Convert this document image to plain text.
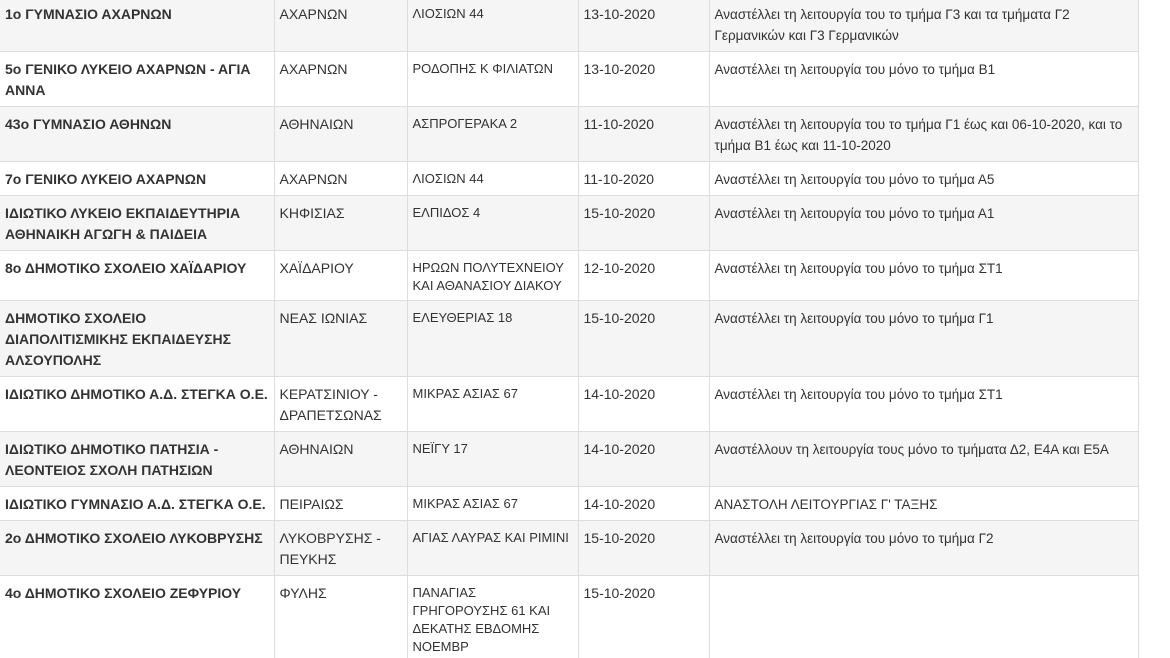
1ο ΓΥΜΝΑΣΙΟ ΑΧΑΡΝΩΝ	ΑΧΑΡΝΩΝ	ΛΙΟΣΙΩΝ 44	13-10-2020	Αναστέλλει τη λειτουργία του το τμήμα Γ3 και τα τμήματα Γ2 Γερμανικών και Γ3 Γερμανικών
5ο ΓΕΝΙΚΟ ΛΥΚΕΙΟ ΑΧΑΡΝΩΝ - ΑΓΙΑ ΑΝΝΑ	ΑΧΑΡΝΩΝ	ΡΟΔΟΠΗΣ Κ ΦΙΛΙΑΤΩΝ	13-10-2020	Αναστέλλει τη λειτουργία του μόνο το τμήμα Β1
43ο ΓΥΜΝΑΣΙΟ ΑΘΗΝΩΝ	ΑΘΗΝΑΙΩΝ	ΑΣΠΡΟΓΕΡΑΚΑ 2	11-10-2020	Αναστέλλει τη λειτουργία του το τμήμα Γ1 έως και 06-10-2020, και το τμήμα Β1 έως και 11-10-2020
7ο ΓΕΝΙΚΟ ΛΥΚΕΙΟ ΑΧΑΡΝΩΝ	ΑΧΑΡΝΩΝ	ΛΙΟΣΙΩΝ 44	11-10-2020	Αναστέλλει τη λειτουργία του μόνο το τμήμα Α5
ΙΔΙΩΤΙΚΟ ΛΥΚΕΙΟ ΕΚΠΑΙΔΕΥΤΗΡΙΑ ΑΘΗΝΑΙΚΗ ΑΓΩΓΗ & ΠΑΙΔΕΙΑ	ΚΗΦΙΣΙΑΣ	ΕΛΠΙΔΟΣ 4	15-10-2020	Αναστέλλει τη λειτουργία του μόνο το τμήμα Α1
8ο ΔΗΜΟΤΙΚΟ ΣΧΟΛΕΙΟ ΧΑΪΔΑΡΙΟΥ	ΧΑΪΔΑΡΙΟΥ	ΗΡΩΩΝ ΠΟΛΥΤΕΧΝΕΙΟΥ ΚΑΙ ΑΘΑΝΑΣΙΟΥ ΔΙΑΚΟΥ	12-10-2020	Αναστέλλει τη λειτουργία του μόνο το τμήμα ΣΤ1
ΔΗΜΟΤΙΚΟ ΣΧΟΛΕΙΟ ΔΙΑΠΟΛΙΤΙΣΜΙΚΗΣ ΕΚΠΑΙΔΕΥΣΗΣ ΑΛΣΟΥΠΟΛΗΣ	ΝΕΑΣ ΙΩΝΙΑΣ	ΕΛΕΥΘΕΡΙΑΣ 18	15-10-2020	Αναστέλλει τη λειτουργία του μόνο το τμήμα Γ1
ΙΔΙΩΤΙΚΟ ΔΗΜΟΤΙΚΟ Α.Δ. ΣΤΕΓΚΑ Ο.Ε.	ΚΕΡΑΤΣΙΝΙΟΥ - ΔΡΑΠΕΤΣΩΝΑΣ	ΜΙΚΡΑΣ ΑΣΙΑΣ 67	14-10-2020	Αναστέλλει τη λειτουργία του μόνο το τμήμα ΣΤ1
ΙΔΙΩΤΙΚΟ ΔΗΜΟΤΙΚΟ ΠΑΤΗΣΙΑ - ΛΕΟΝΤΕΙΟΣ ΣΧΟΛΗ ΠΑΤΗΣΙΩΝ	ΑΘΗΝΑΙΩΝ	ΝΕΪΓΥ 17	14-10-2020	Αναστέλλουν τη λειτουργία τους μόνο το τμήματα Δ2, Ε4Α και Ε5Α
ΙΔΙΩΤΙΚΟ ΓΥΜΝΑΣΙΟ Α.Δ. ΣΤΕΓΚΑ Ο.Ε.	ΠΕΙΡΑΙΩΣ	ΜΙΚΡΑΣ ΑΣΙΑΣ 67	14-10-2020	ΑΝΑΣΤΟΛΗ ΛΕΙΤΟΥΡΓΙΑΣ Γ' ΤΑΞΗΣ
2ο ΔΗΜΟΤΙΚΟ ΣΧΟΛΕΙΟ ΛΥΚΟΒΡΥΣΗΣ	ΛΥΚΟΒΡΥΣΗΣ - ΠΕΥΚΗΣ	ΑΓΙΑΣ ΛΑΥΡΑΣ ΚΑΙ ΡΙΜΙΝΙ	15-10-2020	Αναστέλλει τη λειτουργία του μόνο το τμήμα Γ2
4ο ΔΗΜΟΤΙΚΟ ΣΧΟΛΕΙΟ ΖΕΦΥΡΙΟΥ	ΦΥΛΗΣ	ΠΑΝΑΓΙΑΣ ΓΡΗΓΟΡΟΥΣΗΣ 61 ΚΑΙ ΔΕΚΑΤΗΣ ΕΒΔΟΜΗΣ ΝΟΕΜΒΡ	15-10-2020	
